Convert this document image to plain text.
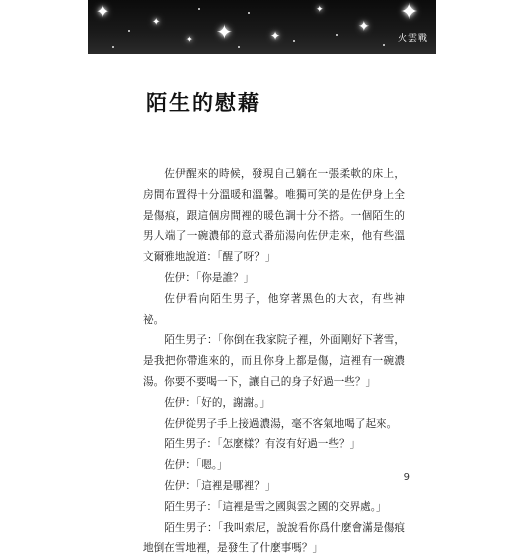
✦
✦	✦	✦
✦
✦
✦
✦	火雲戰
陌生的慰藉

佐伊醒來的時候，發現自己躺在一張柔軟的床上，房間布置得十分溫暖和溫馨。唯獨可笑的是佐伊身上全是傷痕，跟這個房間裡的暖色調十分不搭。一個陌生的男人端了一碗濃郁的意式番茄湯向佐伊走來，他有些溫文爾雅地說道：「醒了呀？」

佐伊：「你是誰？」

佐伊看向陌生男子，他穿著黑色的大衣，有些神祕。

陌生男子：「你倒在我家院子裡，外面剛好下著雪，是我把你帶進來的，而且你身上都是傷，這裡有一碗濃湯。你要不要喝一下，讓自己的身子好過一些？」

佐伊：「好的，謝謝。」

佐伊從男子手上接過濃湯，毫不客氣地喝了起來。

陌生男子：「怎麼樣？有沒有好過一些？」

佐伊：「嗯。」

佐伊：「這裡是哪裡？」

陌生男子：「這裡是雪之國與雲之國的交界處。」

陌生男子：「我叫索尼，說說看你爲什麼會滿是傷痕地倒在雪地裡，是發生了什麼事嗎？」

9
